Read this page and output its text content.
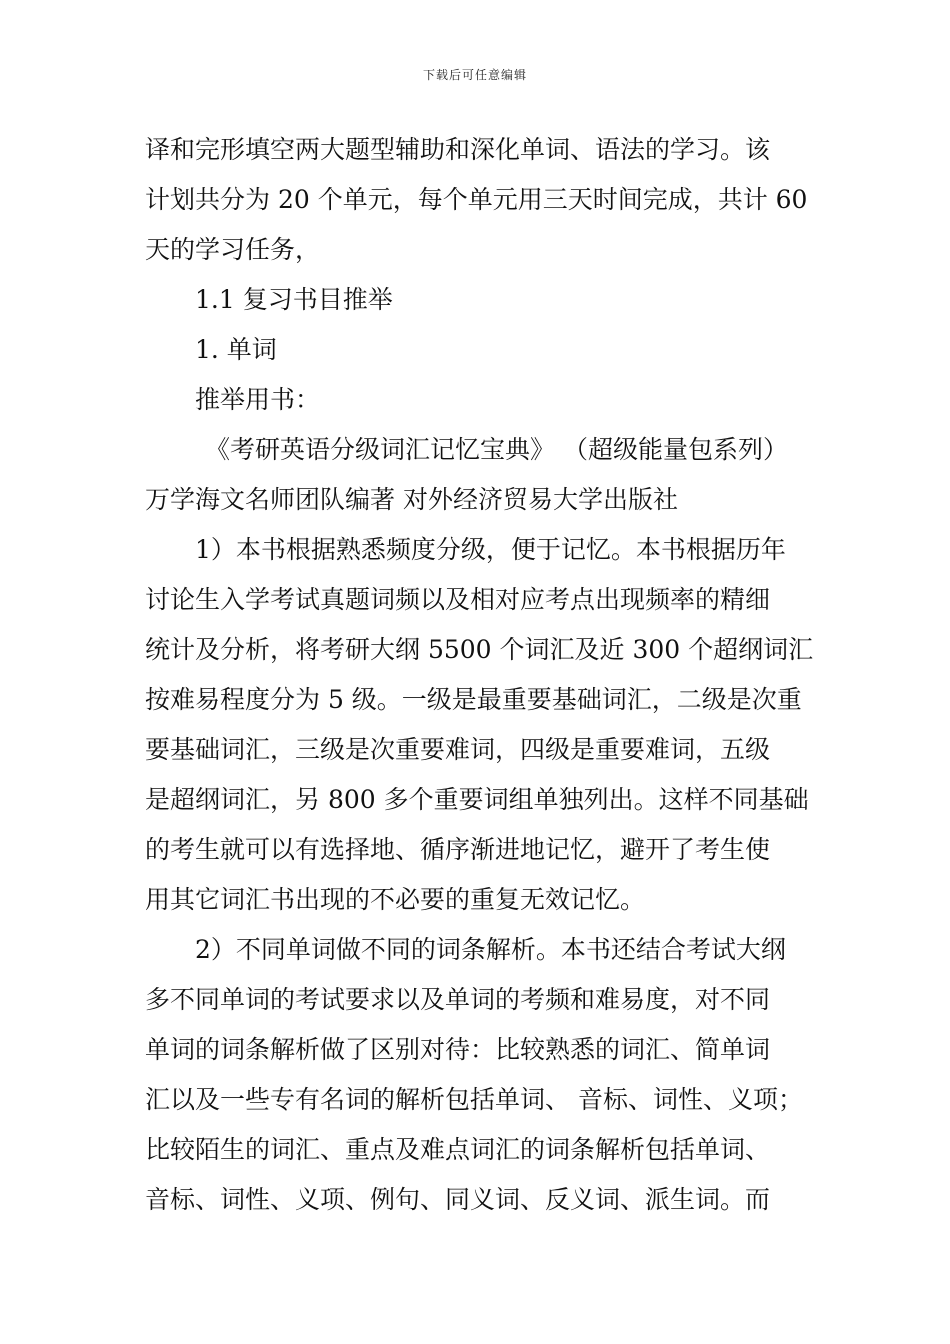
下载后可任意编辑
译和完形填空两大题型辅助和深化单词、语法的学习。该
计划共分为 20 个单元，每个单元用三天时间完成，共计 60
天的学习任务，
1.1 复习书目推举
1. 单词
推举用书：
《考研英语分级词汇记忆宝典》 （超级能量包系列）
万学海文名师团队编著 对外经济贸易大学出版社
1）本书根据熟悉频度分级，便于记忆。本书根据历年
讨论生入学考试真题词频以及相对应考点出现频率的精细
统计及分析，将考研大纲 5500 个词汇及近 300 个超纲词汇
按难易程度分为 5 级。一级是最重要基础词汇，二级是次重
要基础词汇，三级是次重要难词，四级是重要难词，五级
是超纲词汇，另 800 多个重要词组单独列出。这样不同基础
的考生就可以有选择地、循序渐进地记忆，避开了考生使
用其它词汇书出现的不必要的重复无效记忆。
2）不同单词做不同的词条解析。本书还结合考试大纲
多不同单词的考试要求以及单词的考频和难易度，对不同
单词的词条解析做了区别对待：比较熟悉的词汇、简单词
汇以及一些专有名词的解析包括单词、 音标、词性、义项；
比较陌生的词汇、重点及难点词汇的词条解析包括单词、
音标、词性、义项、例句、同义词、反义词、派生词。而
